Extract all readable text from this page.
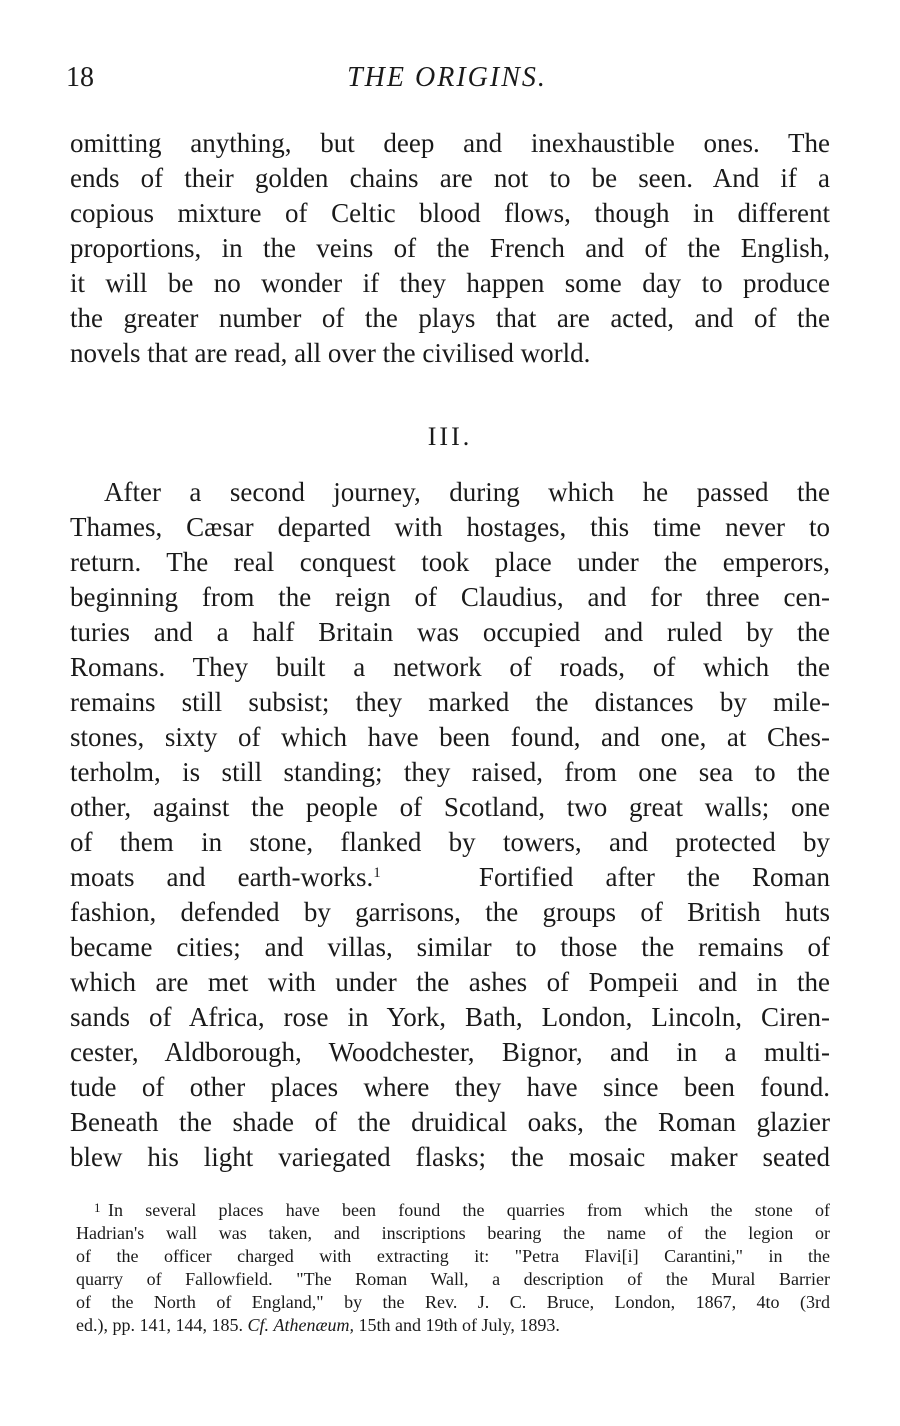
18	THE ORIGINS.
omitting anything, but deep and inexhaustible ones. The
ends of their golden chains are not to be seen. And if a
copious mixture of Celtic blood flows, though in different
proportions, in the veins of the French and of the English,
it will be no wonder if they happen some day to produce
the greater number of the plays that are acted, and of the
novels that are read, all over the civilised world.
III.
After a second journey, during which he passed the
Thames, Cæsar departed with hostages, this time never to
return. The real conquest took place under the emperors,
beginning from the reign of Claudius, and for three cen-
turies and a half Britain was occupied and ruled by the
Romans. They built a network of roads, of which the
remains still subsist; they marked the distances by mile-
stones, sixty of which have been found, and one, at Ches-
terholm, is still standing; they raised, from one sea to the
other, against the people of Scotland, two great walls; one
of them in stone, flanked by towers, and protected by
moats and earth-works.$^1$	Fortified after the Roman
fashion, defended by garrisons, the groups of British huts
became cities; and villas, similar to those the remains of
which are met with under the ashes of Pompeii and in the
sands of Africa, rose in York, Bath, London, Lincoln, Ciren-
cester, Aldborough, Woodchester, Bignor, and in a multi-
tude of other places where they have since been found.
Beneath the shade of the druidical oaks, the Roman glazier
blew his light variegated flasks; the mosaic maker seated
1 In several places have been found the quarries from which the stone of
Hadrian's wall was taken, and inscriptions bearing the name of the legion or
of the officer charged with extracting it: "Petra Flavi[i] Carantini," in the
quarry of Fallowfield. "The Roman Wall, a description of the Mural Barrier
of the North of England," by the Rev. J. C. Bruce, London, 1867, 4to (3rd
ed.), pp. 141, 144, 185. Cf. Athenæum, 15th and 19th of July, 1893.
